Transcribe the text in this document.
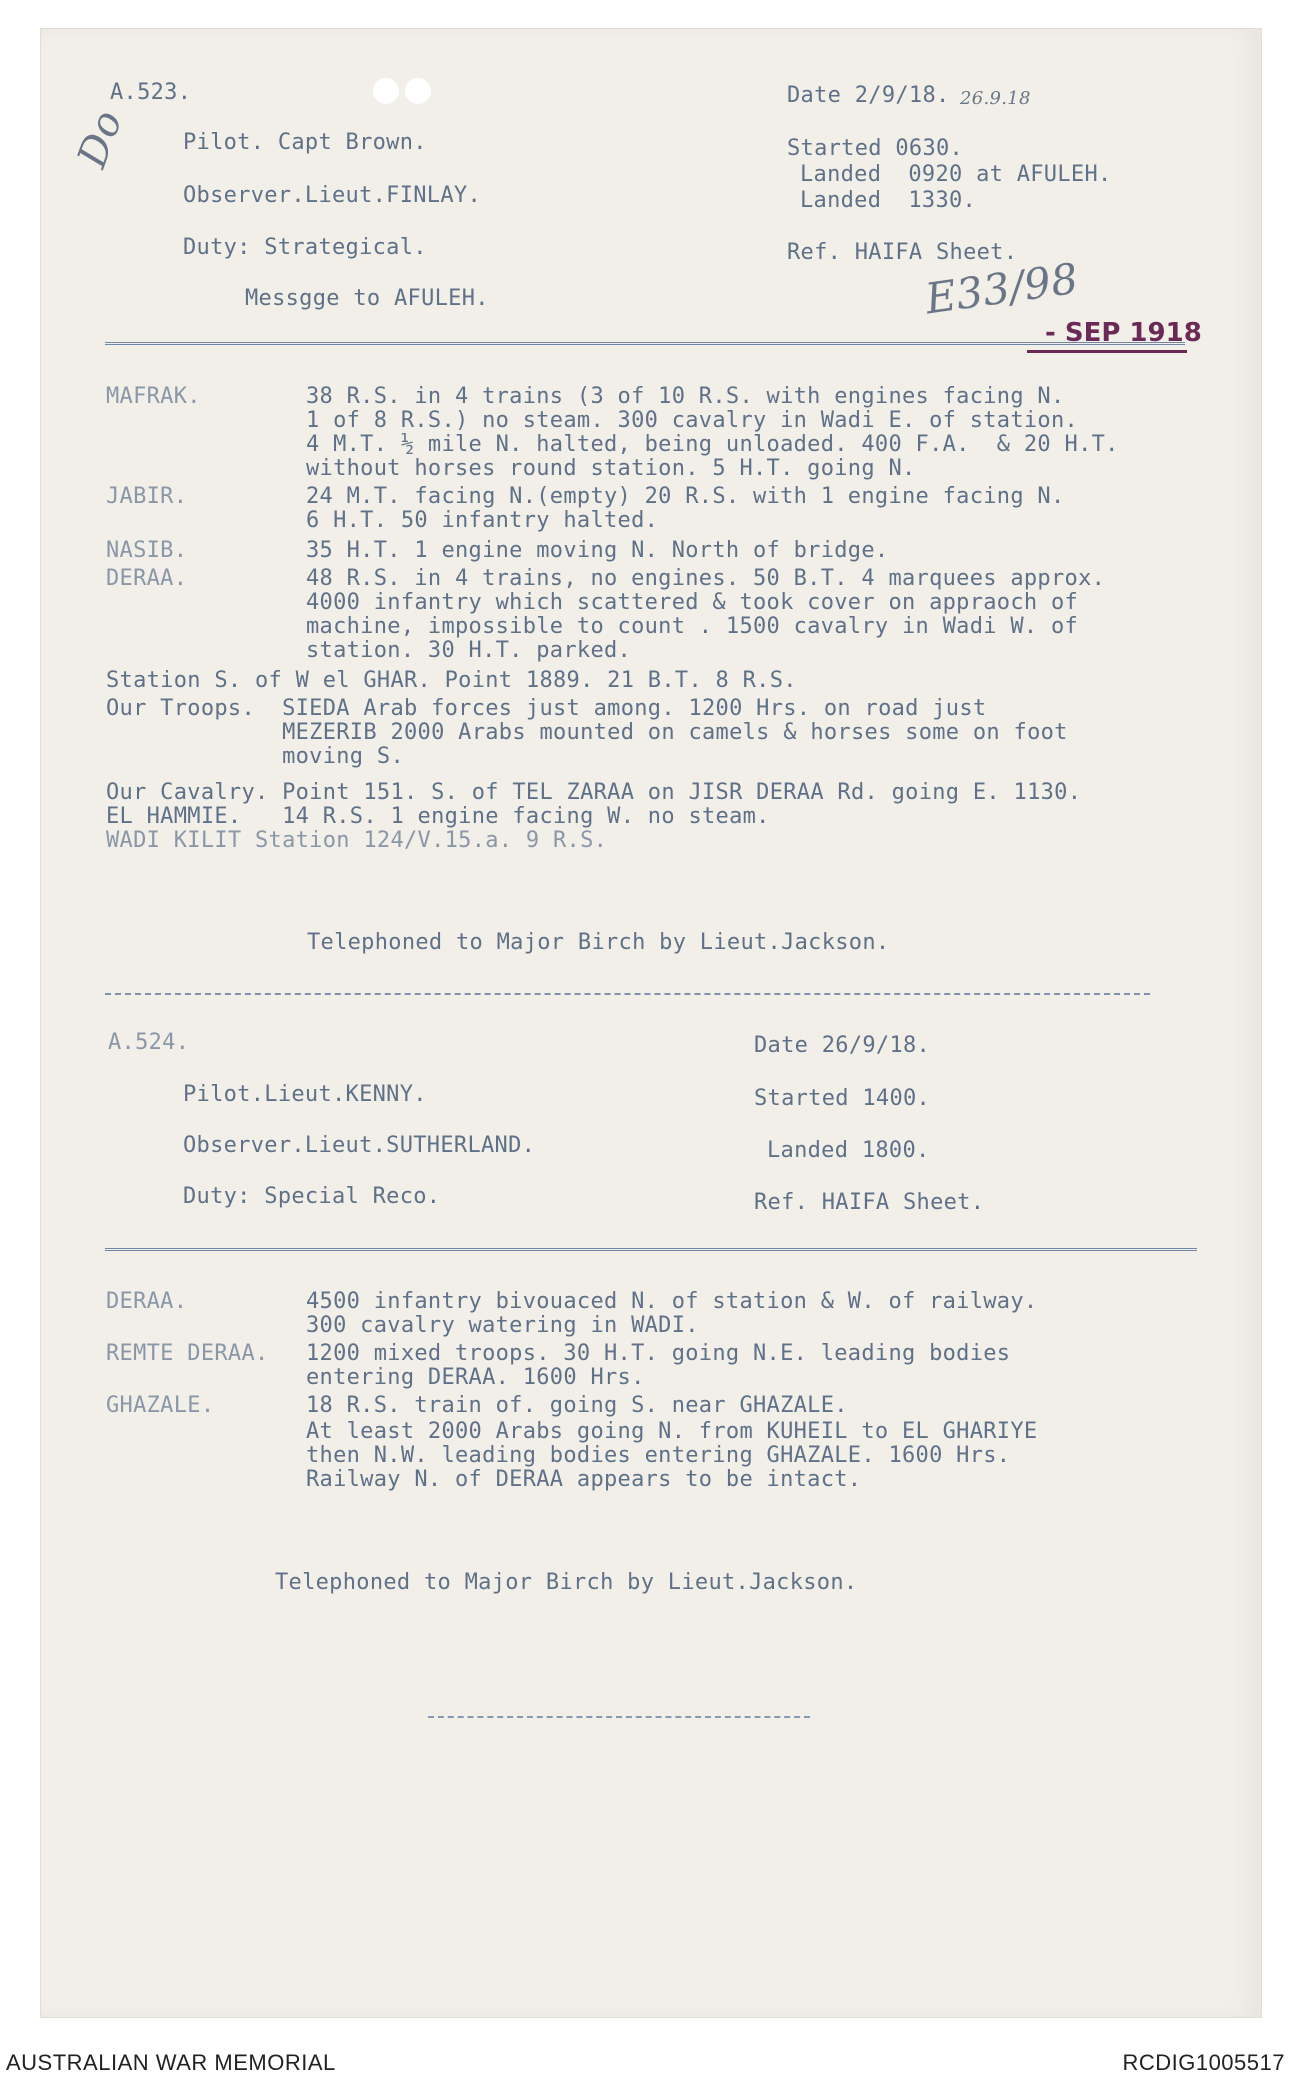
A.523.
Do Pilot. Capt Brown.
Observer.Lieut.FINLAY.
Duty: Strategical.
Messgge to AFULEH.
Date 2/9/18. 26.9.18
Started 0630.
Landed  0920 at AFULEH.
Landed  1330.
Ref. HAIFA Sheet.
E33/98
- SEP 1918
MAFRAK.	38 R.S. in 4 trains (3 of 10 R.S. with engines facing N.
1 of 8 R.S.) no steam. 300 cavalry in Wadi E. of station.
4 M.T. ½ mile N. halted, being unloaded. 400 F.A.  & 20 H.T.
without horses round station. 5 H.T. going N.
JABIR.	24 M.T. facing N.(empty) 20 R.S. with 1 engine facing N.
6 H.T. 50 infantry halted.
NASIB.	35 H.T. 1 engine moving N. North of bridge.
DERAA.	48 R.S. in 4 trains, no engines. 50 B.T. 4 marquees approx.
4000 infantry which scattered & took cover on appraoch of
machine, impossible to count . 1500 cavalry in Wadi W. of
station. 30 H.T. parked.
Station S. of W el GHAR. Point 1889. 21 B.T. 8 R.S.
Our Troops.  SIEDA Arab forces just among. 1200 Hrs. on road just
MEZERIB 2000 Arabs mounted on camels & horses some on foot
moving S.
Our Cavalry. Point 151. S. of TEL ZARAA on JISR DERAA Rd. going E. 1130.
EL HAMMIE.   14 R.S. 1 engine facing W. no steam.
WADI KILIT Station 124/V.15.a. 9 R.S.
Telephoned to Major Birch by Lieut.Jackson.
A.524.
Pilot.Lieut.KENNY.
Observer.Lieut.SUTHERLAND.
Duty: Special Reco.
Date 26/9/18.
Started 1400.
Landed 1800.
Ref. HAIFA Sheet.
DERAA.	4500 infantry bivouaced N. of station & W. of railway.
300 cavalry watering in WADI.
REMTE DERAA. 1200 mixed troops. 30 H.T. going N.E. leading bodies
entering DERAA. 1600 Hrs.
GHAZALE.	18 R.S. train of. going S. near GHAZALE.
At least 2000 Arabs going N. from KUHEIL to EL GHARIYE
then N.W. leading bodies entering GHAZALE. 1600 Hrs.
Railway N. of DERAA appears to be intact.
Telephoned to Major Birch by Lieut.Jackson.
AUSTRALIAN WAR MEMORIAL	RCDIG1005517
